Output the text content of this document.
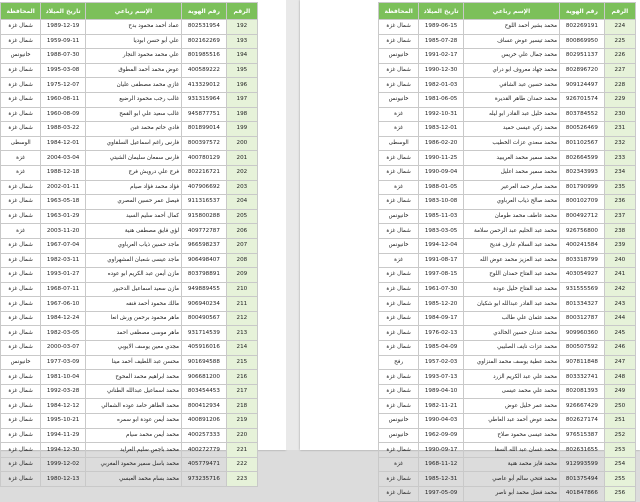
الرقم	رقم الهوية	الإسم رباعي	تاريخ الميلاد	المحافظة
192	802531954	عماد أحمد محمود بدح	1989-12-19	شمال غزة
193	802162269	علي أبو حسن ابوديا	1959-09-11	شمال غزة
194	801985516	علي محمد محمود النجار	1988-07-30	خانيونس
195	400589222	عوض محمد أحمد المطوق	1995-03-08	شمال غزة
196	413329012	غازي محمد مصطفى عليان	1975-12-07	شمال غزة
197	931315964	غالب رجب محمود الرضيع	1960-08-11	شمال غزة
198	945877751	غالب سعيد علي ابو القمح	1960-08-09	شمال غزة
199	801899014	فادي حاتم محمد غبن	1988-03-22	شمال غزة
200	800397572	فارس راغم اسماعيل السلقاوي	1984-12-01	الوسطى
201	400780129	فارس سمعان سليمان الشيتي	2004-03-04	غزة
202	802216721	فرج علي درويش فرج	1988-12-18	غزة
203	407906692	فؤاد محمد فؤاد صيام	2002-01-11	شمال غزة
204	911316537	فيصل عمر حسين المصري	1963-05-18	شمال غزة
205	915800288	كمال أحمد سليم السيد	1963-01-29	شمال غزة
206	409772787	لؤي فايق مصطفى هنية	2003-11-20	غزة
207	966598237	ماجد حسين ذياب العرباوي	1967-07-04	شمال غزة
208	906498407	ماجد عيسى شعبان المشهراوي	1982-03-11	شمال غزة
209	803798891	مازن أيمن عبد الكريم ابو عوده	1993-01-27	شمال غزة
210	949889455	مازن سعيد اسماعيل الدحبور	1968-07-11	شمال غزة
211	906940234	مالك محمود أحمد فنقه	1967-06-10	شمال غزة
212	800490567	ماهر محمود برحمن ورش انعا	1984-12-24	شمال غزة
213	931714539	ماهر موسى مصطفى احمد	1982-03-05	شمال غزة
214	405916016	مجدي معين يوسف الايوبي	2000-03-07	شمال غزة
215	901694588	محسن عبد اللطيف أحمد مينا	1977-03-09	خانيونس
216	906681200	محمد ابراهيم محمد المحوح	1981-10-04	شمال غزة
217	803454453	محمد اسماعيل عبدالله الطناني	1992-03-28	شمال غزة
218	800412934	محمد الطاهر حامد عوده الشمالي	1984-12-12	شمال غزة
219	400891206	محمد أيمن عودة ابو سمره	1995-10-21	شمال غزة
220	400257333	محمد أيمن محمد سيام	1994-11-29	شمال غزة
221	400272779	محمد باجس سليم العرايد	1994-12-30	شمال غزة
222	405779471	محمد باسل سمير محمود المغربي	1999-12-02	شمال غزة
223	973235716	محمد بسام محمد العبسي	1980-12-13	شمال غزة
الرقم	رقم الهوية	الإسم رباعي	تاريخ الميلاد	المحافظة
224	802269191	محمد بشير أحمد اللوح	1989-06-15	شمال غزة
225	800869950	محمد تيسير عوض عساف	1985-07-28	شمال غزة
226	802951137	محمد جمال علي خريس	1991-02-17	خانيونس
227	802896720	محمد جهاد معروف ابو دراي	1990-12-30	شمال غزة
228	909124497	محمد حسين عبد الشافي	1982-01-03	شمال غزة
229	926701574	محمد حمدان طاهر القديرة	1981-06-05	خانيونس
230	803784552	محمد خليل عبد القادر ابو ليله	1992-10-31	غزة
231	800526469	محمد زكي عيسى حميد	1983-12-01	غزة
232	801102567	محمد سعدي عزات الخطيب	1986-02-20	الوسطى
233	802664599	محمد سمير محمد العريبيد	1990-11-25	شمال غزة
234	802343993	محمد سمير محمد اعليل	1990-09-04	شمال غزة
235	801790999	محمد صابر حمد العرعير	1988-01-05	غزة
236	800102709	محمد صالح ذياب العرباوي	1983-10-08	شمال غزة
237	800492712	محمد عاطف محمد طومان	1985-11-03	خانيونس
238	926756800	محمد عبد الحليم عبد الرحمن سلامة	1983-03-05	شمال غزة
239	400241584	محمد عبد السلام عارف فديح	1994-12-04	خانيونس
240	803318799	محمد عبد العزيز محمد عوض الله	1991-08-17	غزة
241	403054927	محمد عبد الفتاح حمدان اللوح	1997-08-15	شمال غزة
242	931555569	محمد عبد الفتاح خليل عودة	1961-07-30	شمال غزة
243	801334327	محمد عبد القادر عبدالله ابو شكيان	1985-12-20	شمال غزة
244	800312787	محمد عثمان علي طالب	1984-09-17	شمال غزة
245	909960360	محمد عدنان حسين الخالدي	1976-02-13	شمال غزة
246	800507592	محمد عزات نايف الصليبي	1985-04-09	شمال غزة
247	907811848	محمد عطية يوسف محمد المنزاوي	1957-02-03	رفح
248	803332741	محمد علي عبد الكريم الزرد	1993-07-13	شمال غزة
249	802081393	محمد علي محمد عيسى	1989-04-10	شمال غزة
250	926667429	محمد عمر خليل عوض	1982-11-21	شمال غزة
251	802627174	محمد عوض أحمد عبد العاطي	1990-04-03	خانيونس
252	976515387	محمد عيسى محمود صلاح	1962-09-09	خانيونس
253	802631655	محمد غسان عبد الله السقا	1990-09-17	شمال غزة
254	912993599	محمد فايز محمد هنية	1968-11-12	غزة
255	801375494	محمد فتحي سالم أبو عاصي	1985-12-31	شمال غزة
256	401847866	محمد فضل محمد أبو ناصر	1997-05-09	شمال غزة
